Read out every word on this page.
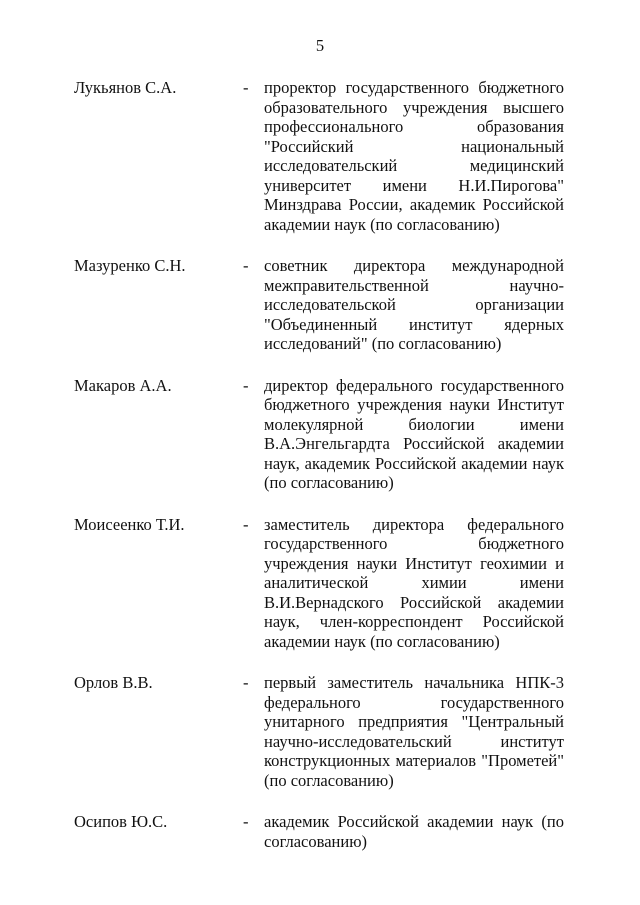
5
Лукьянов С.А.	- проректор государственного бюджетного образовательного учреждения высшего профессионального образования "Российский национальный исследовательский медицинский университет имени Н.И.Пирогова" Минздрава России, академик Российской академии наук (по согласованию)
Мазуренко С.Н.	- советник директора международной межправительственной научно-исследовательской организации "Объединенный институт ядерных исследований" (по согласованию)
Макаров А.А.	- директор федерального государственного бюджетного учреждения науки Институт молекулярной биологии имени В.А.Энгельгардта Российской академии наук, академик Российской академии наук (по согласованию)
Моисеенко Т.И.	- заместитель директора федерального государственного бюджетного учреждения науки Институт геохимии и аналитической химии имени В.И.Вернадского Российской академии наук, член-корреспондент Российской академии наук (по согласованию)
Орлов В.В.	- первый заместитель начальника НПК-3 федерального государственного унитарного предприятия "Центральный научно-исследовательский институт конструкционных материалов "Прометей" (по согласованию)
Осипов Ю.С.	- академик Российской академии наук (по согласованию)
